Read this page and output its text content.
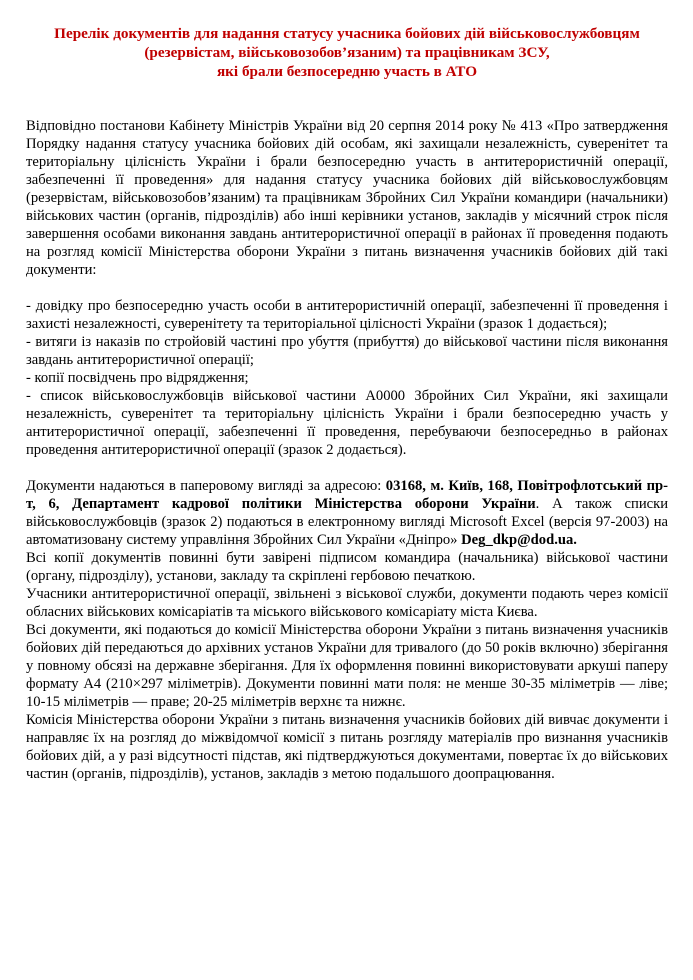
Перелік документів для надання статусу учасника бойових дій військовослужбовцям
(резервістам, військовозобов’язаним) та працівникам ЗСУ,
які брали безпосередню участь в АТО

Відповідно постанови Кабінету Міністрів України від 20 серпня 2014 року № 413 «Про затвердження Порядку надання статусу учасника бойових дій особам, які захищали незалежність, суверенітет та територіальну цілісність України і брали безпосередню участь в антитерористичній операції, забезпеченні її проведення» для надання статусу учасника бойових дій військовослужбовцям (резервістам, військовозобов’язаним) та працівникам Збройних Сил України командири (начальники) військових частин (органів, підрозділів) або інші керівники установ, закладів у місячний строк після завершення особами виконання завдань антитерористичної операції в районах її проведення подають на розгляд комісії Міністерства оборони України з питань визначення учасників бойових дій такі документи:

- довідку про безпосередню участь особи в антитерористичній операції, забезпеченні її проведення і захисті незалежності, суверенітету та територіальної цілісності України (зразок 1 додається);

- витяги із наказів по стройовій частині про убуття (прибуття) до військової частини після виконання завдань антитерористичної операції;

- копії посвідчень про відрядження;

- список військовослужбовців військової частини А0000 Збройних Сил України, які захищали незалежність, суверенітет та територіальну цілісність України і брали безпосередню участь у антитерористичної операції, забезпеченні її проведення, перебуваючи безпосередньо в районах проведення антитерористичної операції (зразок 2 додається).

Документи надаються в паперовому вигляді за адресою: 03168, м. Київ, 168, Повітрофлотський пр-т, 6, Департамент кадрової політики Міністерства оборони України. А також списки військовослужбовців (зразок 2) подаються в електронному вигляді Microsoft Excel (версія 97-2003) на автоматизовану систему управління Збройних Сил України «Дніпро» Deg_dkp@dod.ua.

Всі копії документів повинні бути завірені підписом командира (начальника) військової частини (органу, підрозділу), установи, закладу та скріплені гербовою печаткою.

Учасники антитерористичної операції, звільнені з віськової служби, документи подають через комісії обласних військових комісаріатів та міського військового комісаріату міста Києва.

Всі документи, які подаються до комісії Міністерства оборони України з питань визначення учасників бойових дій передаються до архівних установ України для тривалого (до 50 років включно) зберігання у повному обсязі на державне зберігання. Для їх оформлення повинні використовувати аркуші паперу формату А4 (210×297 міліметрів). Документи повинні мати поля: не менше 30-35 міліметрів — ліве; 10-15 міліметрів — праве; 20-25 міліметрів верхнє та нижнє.

Комісія Міністерства оборони України з питань визначення учасників бойових дій вивчає документи і направляє їх на розгляд до міжвідомчої комісії з питань розгляду матеріалів про визнання учасників бойових дій, а у разі відсутності підстав, які підтверджуються документами, повертає їх до військових частин (органів, підрозділів), установ, закладів з метою подальшого доопрацювання.
